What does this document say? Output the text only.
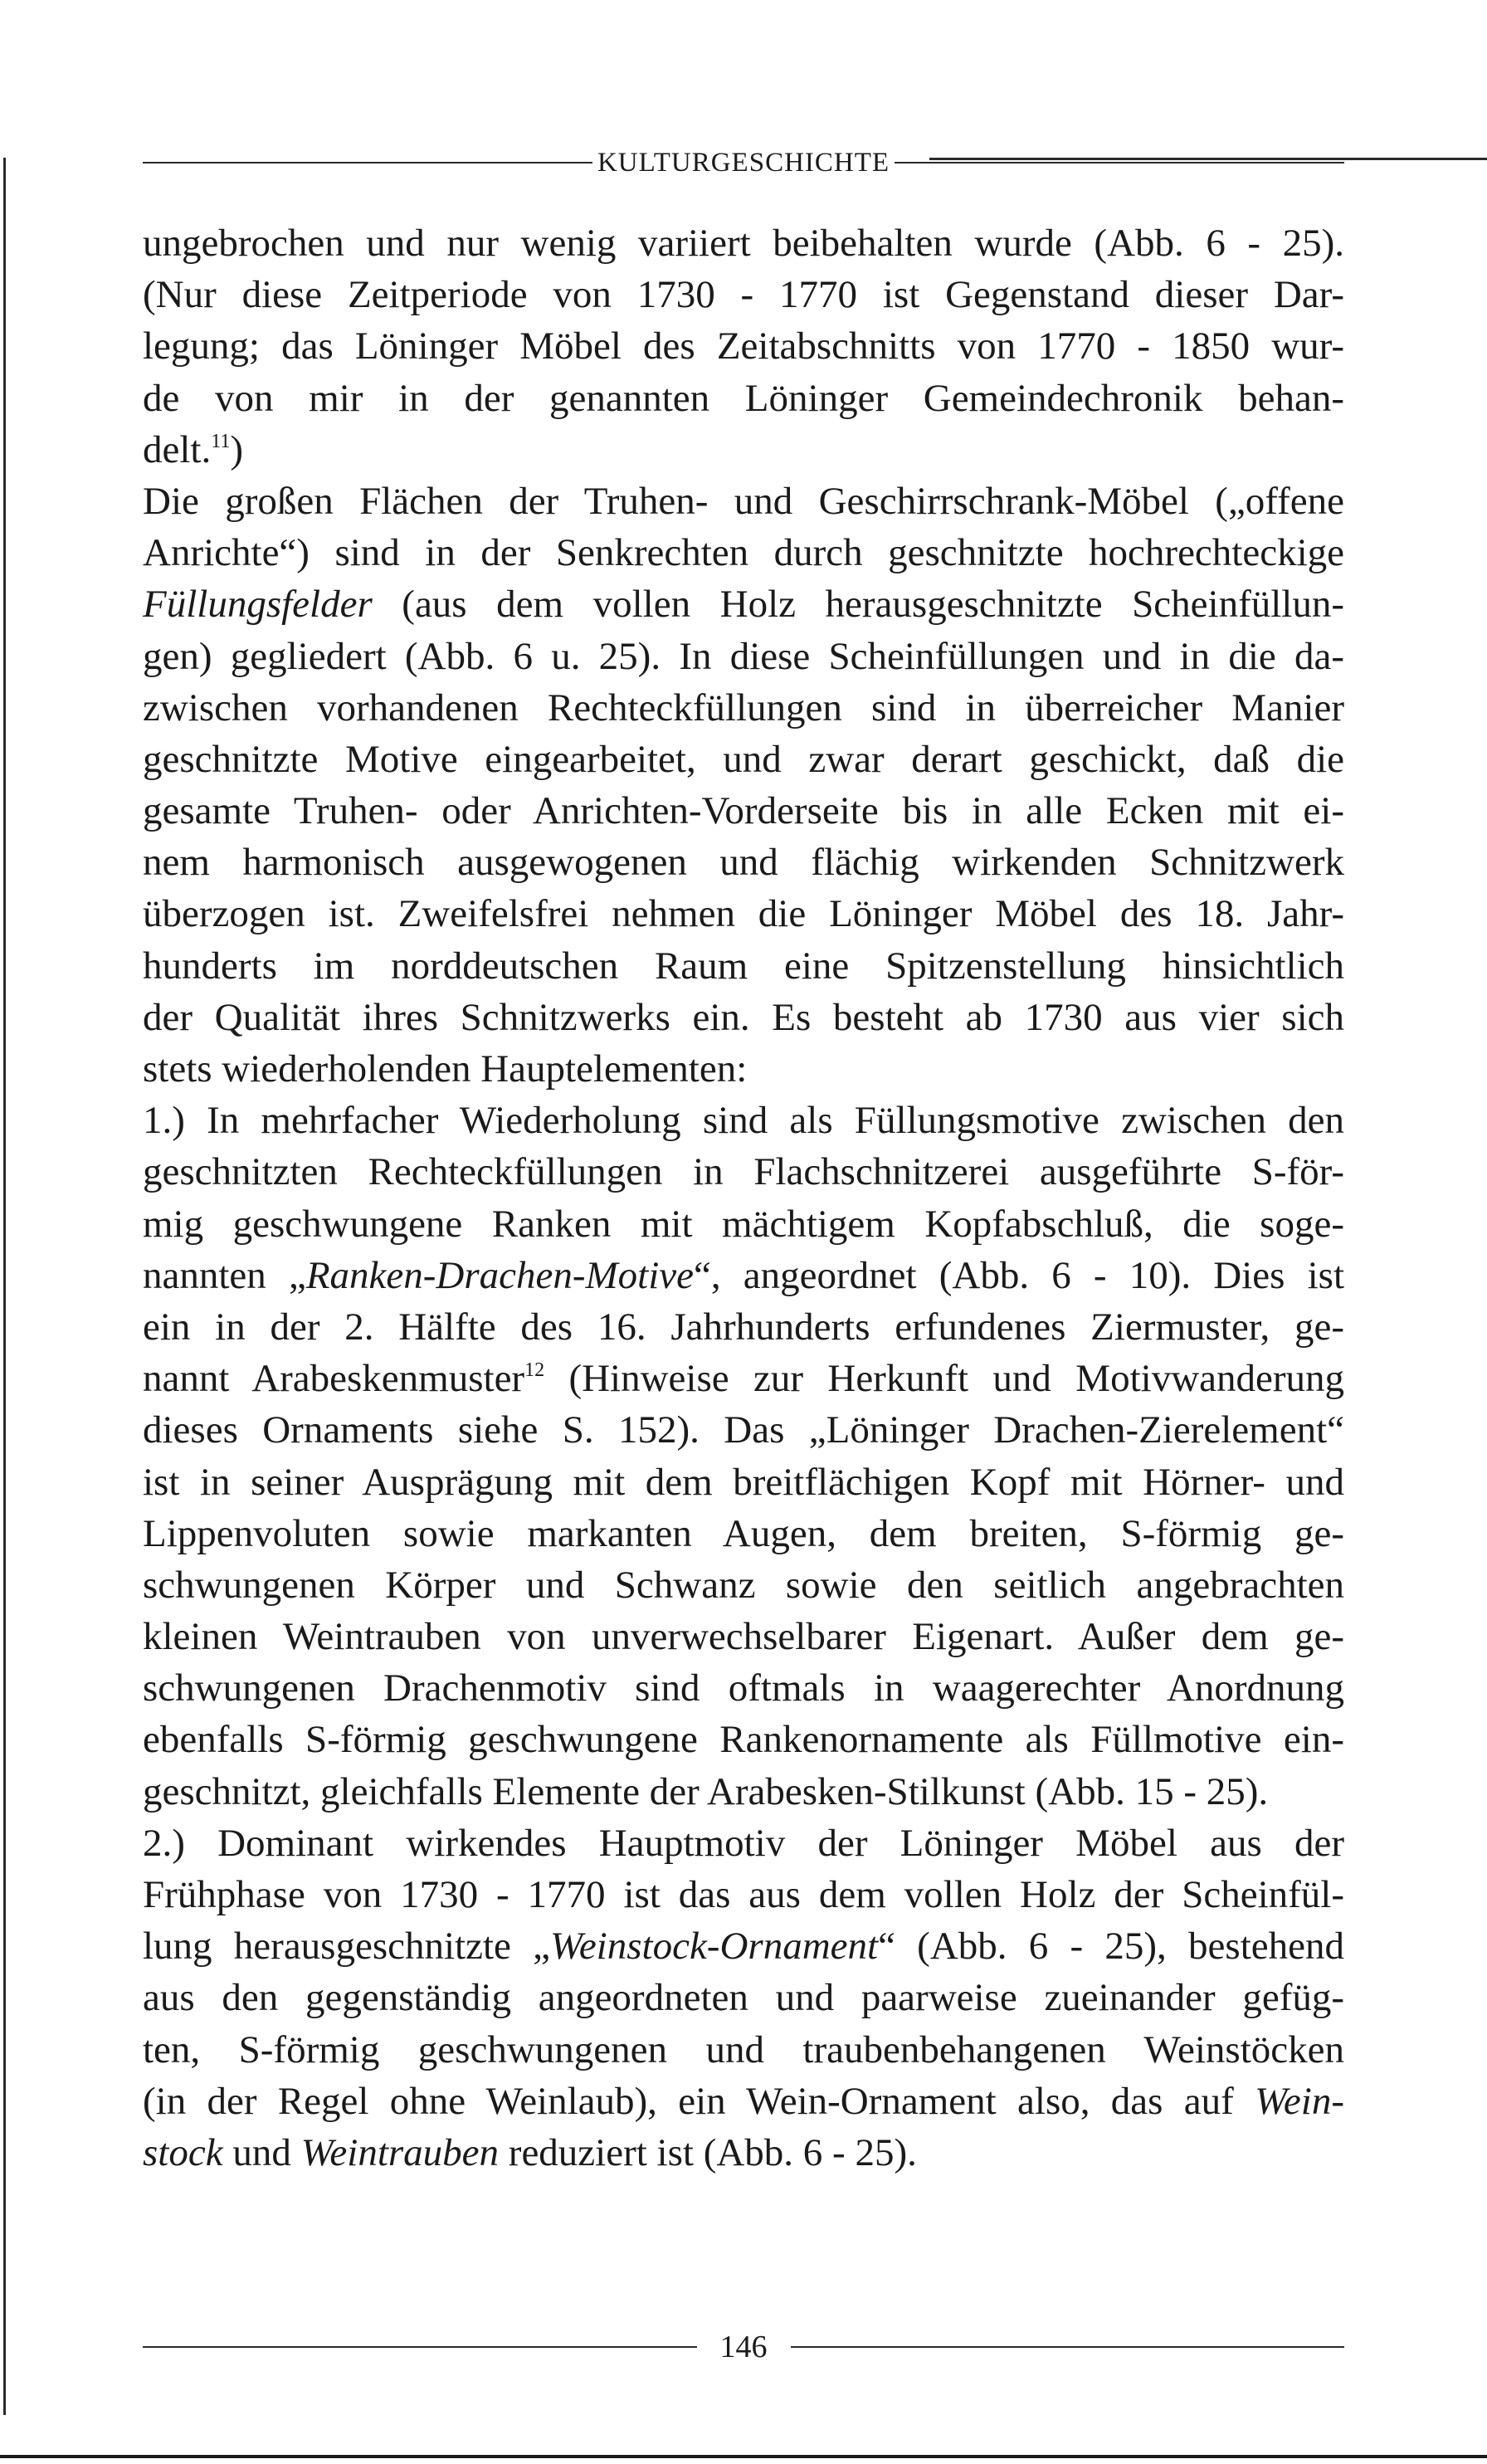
KULTURGESCHICHTE
ungebrochen und nur wenig variiert beibehalten wurde (Abb. 6 - 25).
(Nur diese Zeitperiode von 1730 - 1770 ist Gegenstand dieser Dar-
legung; das Löninger Möbel des Zeitabschnitts von 1770 - 1850 wur-
de von mir in der genannten Löninger Gemeindechronik behan-
delt.$^{11}$)
Die großen Flächen der Truhen- und Geschirrschrank-Möbel („offene
Anrichte“) sind in der Senkrechten durch geschnitzte hochrechteckige
Füllungsfelder (aus dem vollen Holz herausgeschnitzte Scheinfüllun-
gen) gegliedert (Abb. 6 u. 25). In diese Scheinfüllungen und in die da-
zwischen vorhandenen Rechteckfüllungen sind in überreicher Manier
geschnitzte Motive eingearbeitet, und zwar derart geschickt, daß die
gesamte Truhen- oder Anrichten-Vorderseite bis in alle Ecken mit ei-
nem harmonisch ausgewogenen und flächig wirkenden Schnitzwerk
überzogen ist. Zweifelsfrei nehmen die Löninger Möbel des 18. Jahr-
hunderts im norddeutschen Raum eine Spitzenstellung hinsichtlich
der Qualität ihres Schnitzwerks ein. Es besteht ab 1730 aus vier sich
stets wiederholenden Hauptelementen:
1.) In mehrfacher Wiederholung sind als Füllungsmotive zwischen den
geschnitzten Rechteckfüllungen in Flachschnitzerei ausgeführte S-för-
mig geschwungene Ranken mit mächtigem Kopfabschluß, die soge-
nannten „Ranken-Drachen-Motive“, angeordnet (Abb. 6 - 10). Dies ist
ein in der 2. Hälfte des 16. Jahrhunderts erfundenes Ziermuster, ge-
nannt Arabeskenmuster$^{12}$ (Hinweise zur Herkunft und Motivwanderung
dieses Ornaments siehe S. 152). Das „Löninger Drachen-Zierelement“
ist in seiner Ausprägung mit dem breitflächigen Kopf mit Hörner- und
Lippenvoluten sowie markanten Augen, dem breiten, S-förmig ge-
schwungenen Körper und Schwanz sowie den seitlich angebrachten
kleinen Weintrauben von unverwechselbarer Eigenart. Außer dem ge-
schwungenen Drachenmotiv sind oftmals in waagerechter Anordnung
ebenfalls S-förmig geschwungene Rankenornamente als Füllmotive ein-
geschnitzt, gleichfalls Elemente der Arabesken-Stilkunst (Abb. 15 - 25).
2.) Dominant wirkendes Hauptmotiv der Löninger Möbel aus der
Frühphase von 1730 - 1770 ist das aus dem vollen Holz der Scheinfül-
lung herausgeschnitzte „Weinstock-Ornament“ (Abb. 6 - 25), bestehend
aus den gegenständig angeordneten und paarweise zueinander gefüg-
ten, S-förmig geschwungenen und traubenbehangenen Weinstöcken
(in der Regel ohne Weinlaub), ein Wein-Ornament also, das auf Wein-
stock und Weintrauben reduziert ist (Abb. 6 - 25).
146
